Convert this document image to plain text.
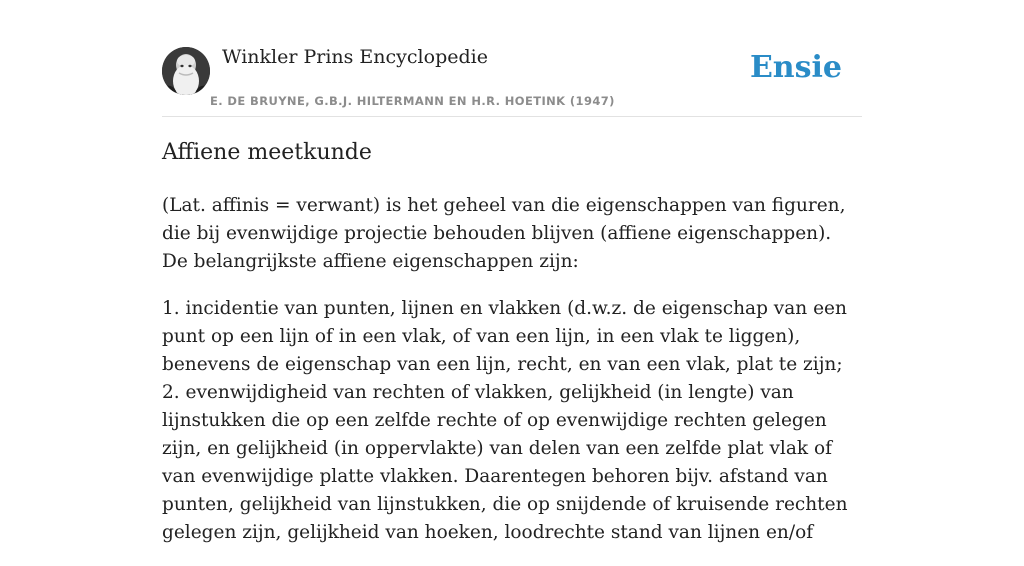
Winkler Prins Encyclopedie
E. DE BRUYNE, G.B.J. HILTERMANN EN H.R. HOETINK (1947)
Ensie
Affiene meetkunde

(Lat. affinis = verwant) is het geheel van die eigenschappen van figuren, die bij evenwijdige projectie behouden blijven (affiene eigenschappen). De belangrijkste affiene eigenschappen zijn:

1. incidentie van punten, lijnen en vlakken (d.w.z. de eigenschap van een punt op een lijn of in een vlak, of van een lijn, in een vlak te liggen), benevens de eigenschap van een lijn, recht, en van een vlak, plat te zijn; 2. evenwijdigheid van rechten of vlakken, gelijkheid (in lengte) van lijnstukken die op een zelfde rechte of op evenwijdige rechten gelegen zijn, en gelijkheid (in oppervlakte) van delen van een zelfde plat vlak of van evenwijdige platte vlakken. Daarentegen behoren bijv. afstand van punten, gelijkheid van lijnstukken, die op snijdende of kruisende rechten gelegen zijn, gelijkheid van hoeken, loodrechte stand van lijnen en/of
